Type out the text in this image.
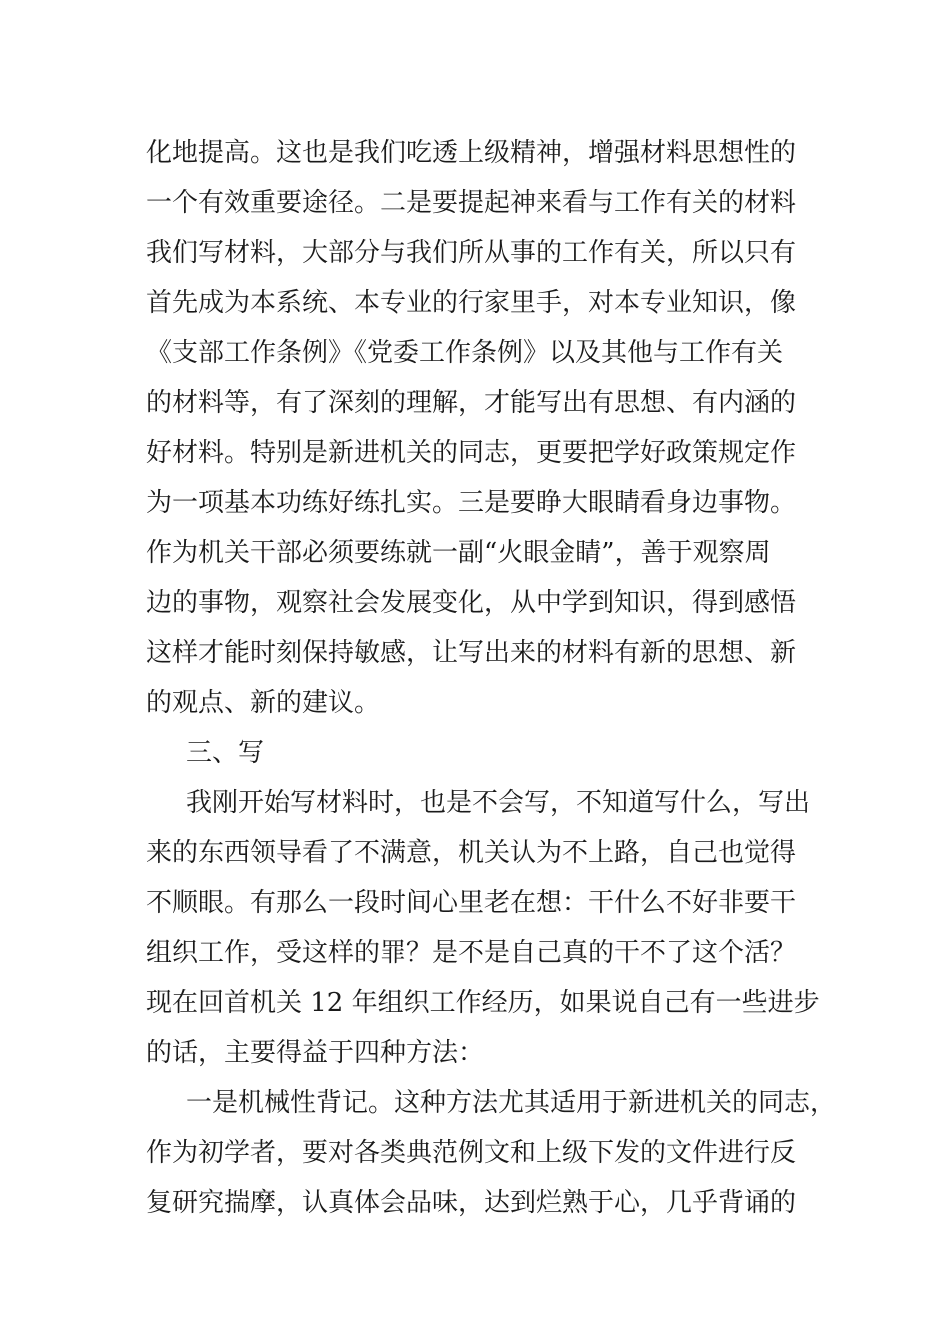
化地提高。这也是我们吃透上级精神，增强材料思想性的
一个有效重要途径。二是要提起神来看与工作有关的材料
我们写材料，大部分与我们所从事的工作有关，所以只有
首先成为本系统、本专业的行家里手，对本专业知识，像
《支部工作条例》《党委工作条例》以及其他与工作有关
的材料等，有了深刻的理解，才能写出有思想、有内涵的
好材料。特别是新进机关的同志，更要把学好政策规定作
为一项基本功练好练扎实。三是要睁大眼睛看身边事物。
作为机关干部必须要练就一副“火眼金睛”，善于观察周
边的事物，观察社会发展变化，从中学到知识，得到感悟
这样才能时刻保持敏感，让写出来的材料有新的思想、新
的观点、新的建议。
三、写
我刚开始写材料时，也是不会写，不知道写什么，写出
来的东西领导看了不满意，机关认为不上路，自己也觉得
不顺眼。有那么一段时间心里老在想：干什么不好非要干
组织工作，受这样的罪？是不是自己真的干不了这个活？
现在回首机关 12 年组织工作经历，如果说自己有一些进步
的话，主要得益于四种方法：
一是机械性背记。这种方法尤其适用于新进机关的同志，
作为初学者，要对各类典范例文和上级下发的文件进行反
复研究揣摩，认真体会品味，达到烂熟于心，几乎背诵的
